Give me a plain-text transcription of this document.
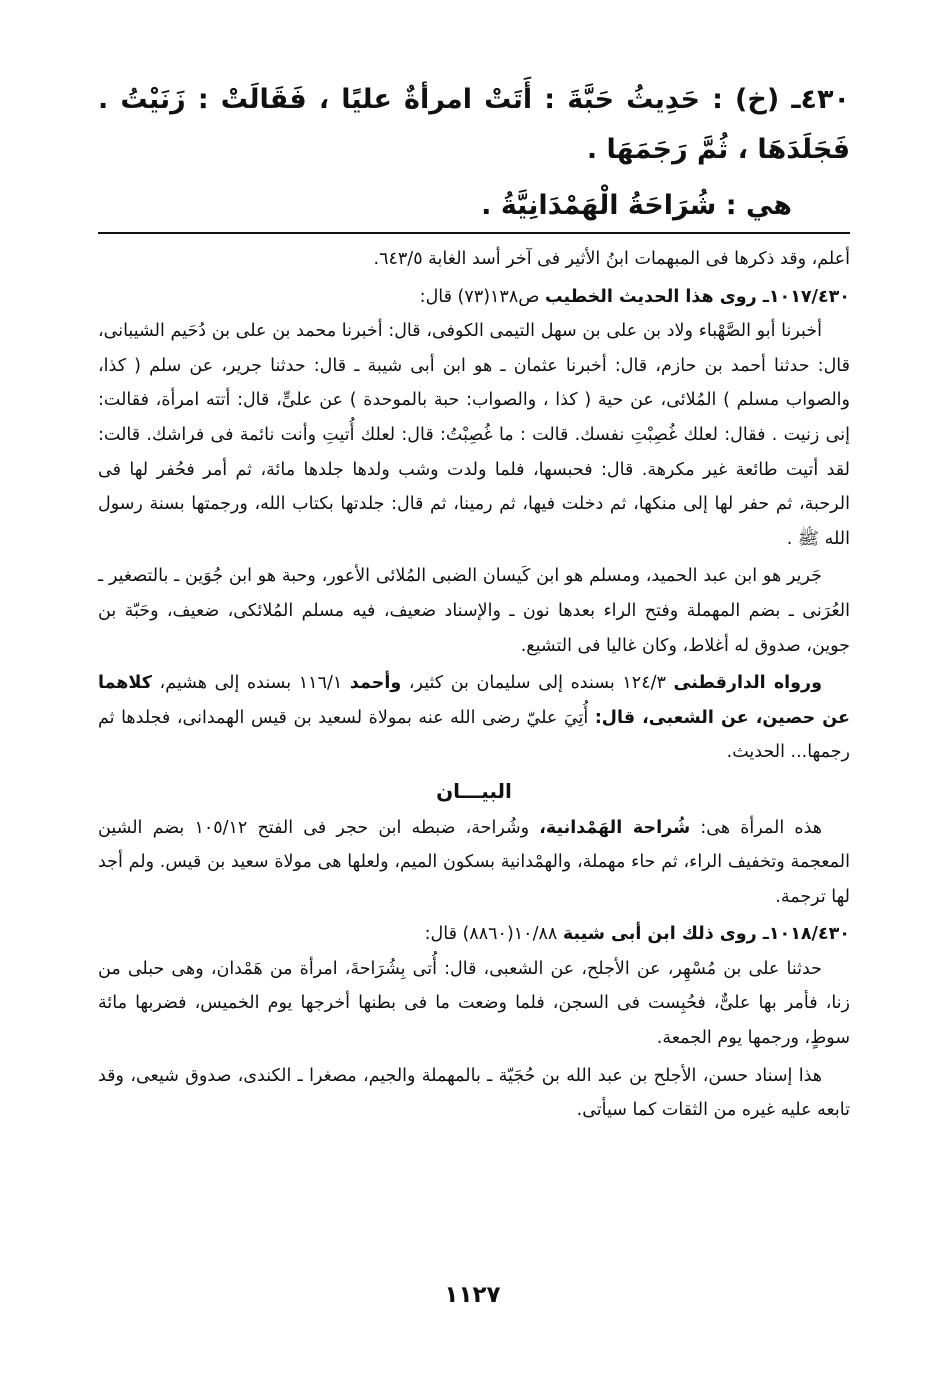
٤٣٠ـ (خ) : حَدِيثُ حَبَّةَ : أَتَتْ امرأةٌ عليًا ، فَقَالَتْ : زَنَيْتُ . فَجَلَدَهَا ، ثُمَّ رَجَمَهَا .

هي : شُرَاحَةُ الْهَمْدَانِيَّةُ .

أعلم، وقد ذكرها فى المبهمات ابنُ الأثير فى آخر أسد الغابة ٦٤٣/٥.

١٠١٧/٤٣٠ـ روى هذا الحديث الخطيب ص١٣٨(٧٣) قال:

أخبرنا أبو الصَّهْباء ولاد بن على بن سهل التيمى الكوفى، قال: أخبرنا محمد بن على بن دُحَيم الشيبانى، قال: حدثنا أحمد بن حازم، قال: أخبرنا عثمان ـ هو ابن أبى شيبة ـ قال: حدثنا جرير، عن سلم ( كذا، والصواب مسلم ) المُلائى، عن حية ( كذا ، والصواب: حبة بالموحدة ) عن علىٍّ، قال: أتته امرأة، فقالت: إنى زنيت . فقال: لعلك غُصِبْتِ نفسك. قالت : ما غُصِبْتُ: قال: لعلك أُتيتِ وأنت نائمة فى فراشك. قالت: لقد أتيت طائعة غير مكرهة. قال: فحبسها، فلما ولدت وشب ولدها جلدها مائة، ثم أمر فحُفر لها فى الرحبة، ثم حفر لها إلى منكها، ثم دخلت فيها، ثم رمينا، ثم قال: جلدتها بكتاب الله، ورجمتها بسنة رسول الله ﷺ .

جَرير هو ابن عبد الحميد، ومسلم هو ابن كَيسان الضبى المُلائى الأعور، وحبة هو ابن جُوَين ـ بالتصغير ـ العُرَنى ـ بضم المهملة وفتح الراء بعدها نون ـ والإسناد ضعيف، فيه مسلم المُلائكى، ضعيف، وحَبّة بن جوين، صدوق له أغلاط، وكان غاليا فى التشيع.

ورواه الدارقطنى ١٢٤/٣ بسنده إلى سليمان بن كثير، وأحمد ١١٦/١ بسنده إلى هشيم، كلاهما عن حصين، عن الشعبى، قال: أُتِيَ عليّ رضى الله عنه بمولاة لسعيد بن قيس الهمدانى، فجلدها ثم رجمها... الحديث.

البيـــان

هذه المرأة هى: شُراحة الهَمْدانية، وشُراحة، ضبطه ابن حجر فى الفتح ١٠٥/١٢ بضم الشين المعجمة وتخفيف الراء، ثم حاء مهملة، والهمْدانية بسكون الميم، ولعلها هى مولاة سعيد بن قيس. ولم أجد لها ترجمة.

١٠١٨/٤٣٠ـ روى ذلك ابن أبى شيبة ١٠/٨٨(٨٨٦٠) قال:

حدثنا على بن مُسْهِر، عن الأجلح، عن الشعبى، قال: أُتى بِشُرَاحةَ، امرأة من هَمْدان، وهى حبلى من زنا، فأمر بها علىٌّ، فحُبِست فى السجن، فلما وضعت ما فى بطنها أخرجها يوم الخميس، فضربها مائة سوطٍ، ورجمها يوم الجمعة.

هذا إسناد حسن، الأجلح بن عبد الله بن حُجَيّة ـ بالمهملة والجيم، مصغرا ـ الكندى، صدوق شيعى، وقد تابعه عليه غيره من الثقات كما سيأتى.

١١٢٧
